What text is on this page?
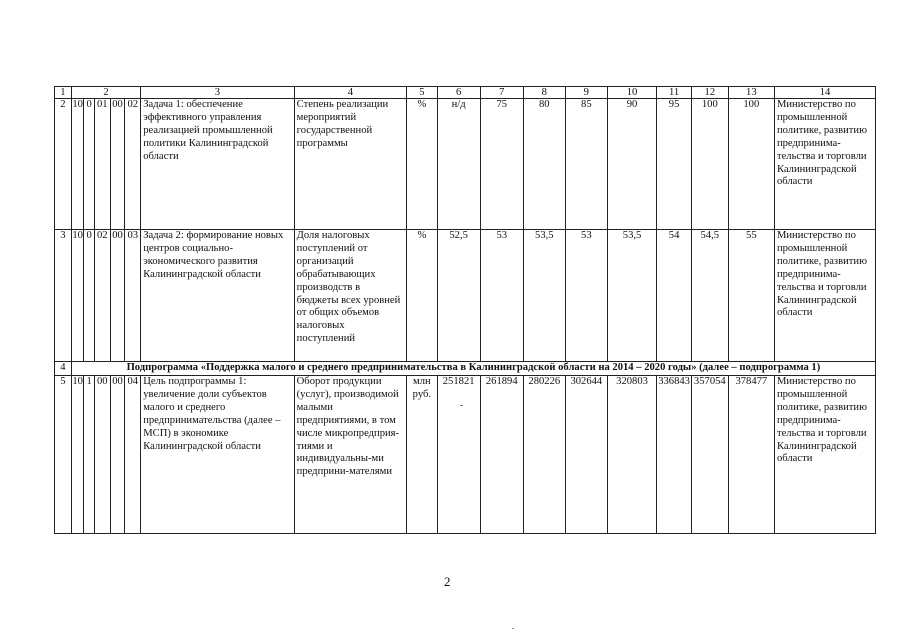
1	2					3	4	5	6	7	8	9	10	11	12	13	14
2	10	0	01	00	02	Задача 1: обеспечение эффективного управления реализацией промышленной политики Калининградской области	Степень реализации мероприятий государственной программы	%	н/д	75	80	85	90	95	100	100	Министерство по промышленной политике, развитию предпринима-тельства и торговли Калининградской области
3	10	0	02	00	03	Задача 2: формирование новых центров социально-экономического развития Калининградской области	Доля налоговых поступлений от организаций обрабатывающих производств в бюджеты всех уровней от общих объемов налоговых поступлений	%	52,5	53	53,5	53	53,5	54	54,5	55	Министерство по промышленной политике, развитию предпринима-тельства и торговли Калининградской области
4	Подпрограмма «Поддержка малого и среднего предпринимательства в Калининградской области на 2014 – 2020 годы» (далее – подпрограмма 1)																
5	10	1	00	00	04	Цель подпрограммы 1: увеличение доли субъектов малого и среднего предпринимательства (далее – МСП) в экономике Калининградской области	Оборот продукции (услуг), производимой малыми предприятиями, в том числе микропредприя-тиями и индивидуальны-ми предприни-мателями	млн руб.	251821	261894	280226	302644	320803	336843	357054	378477	Министерство по промышленной политике, развитию предпринима-тельства и торговли Калининградской области
2
